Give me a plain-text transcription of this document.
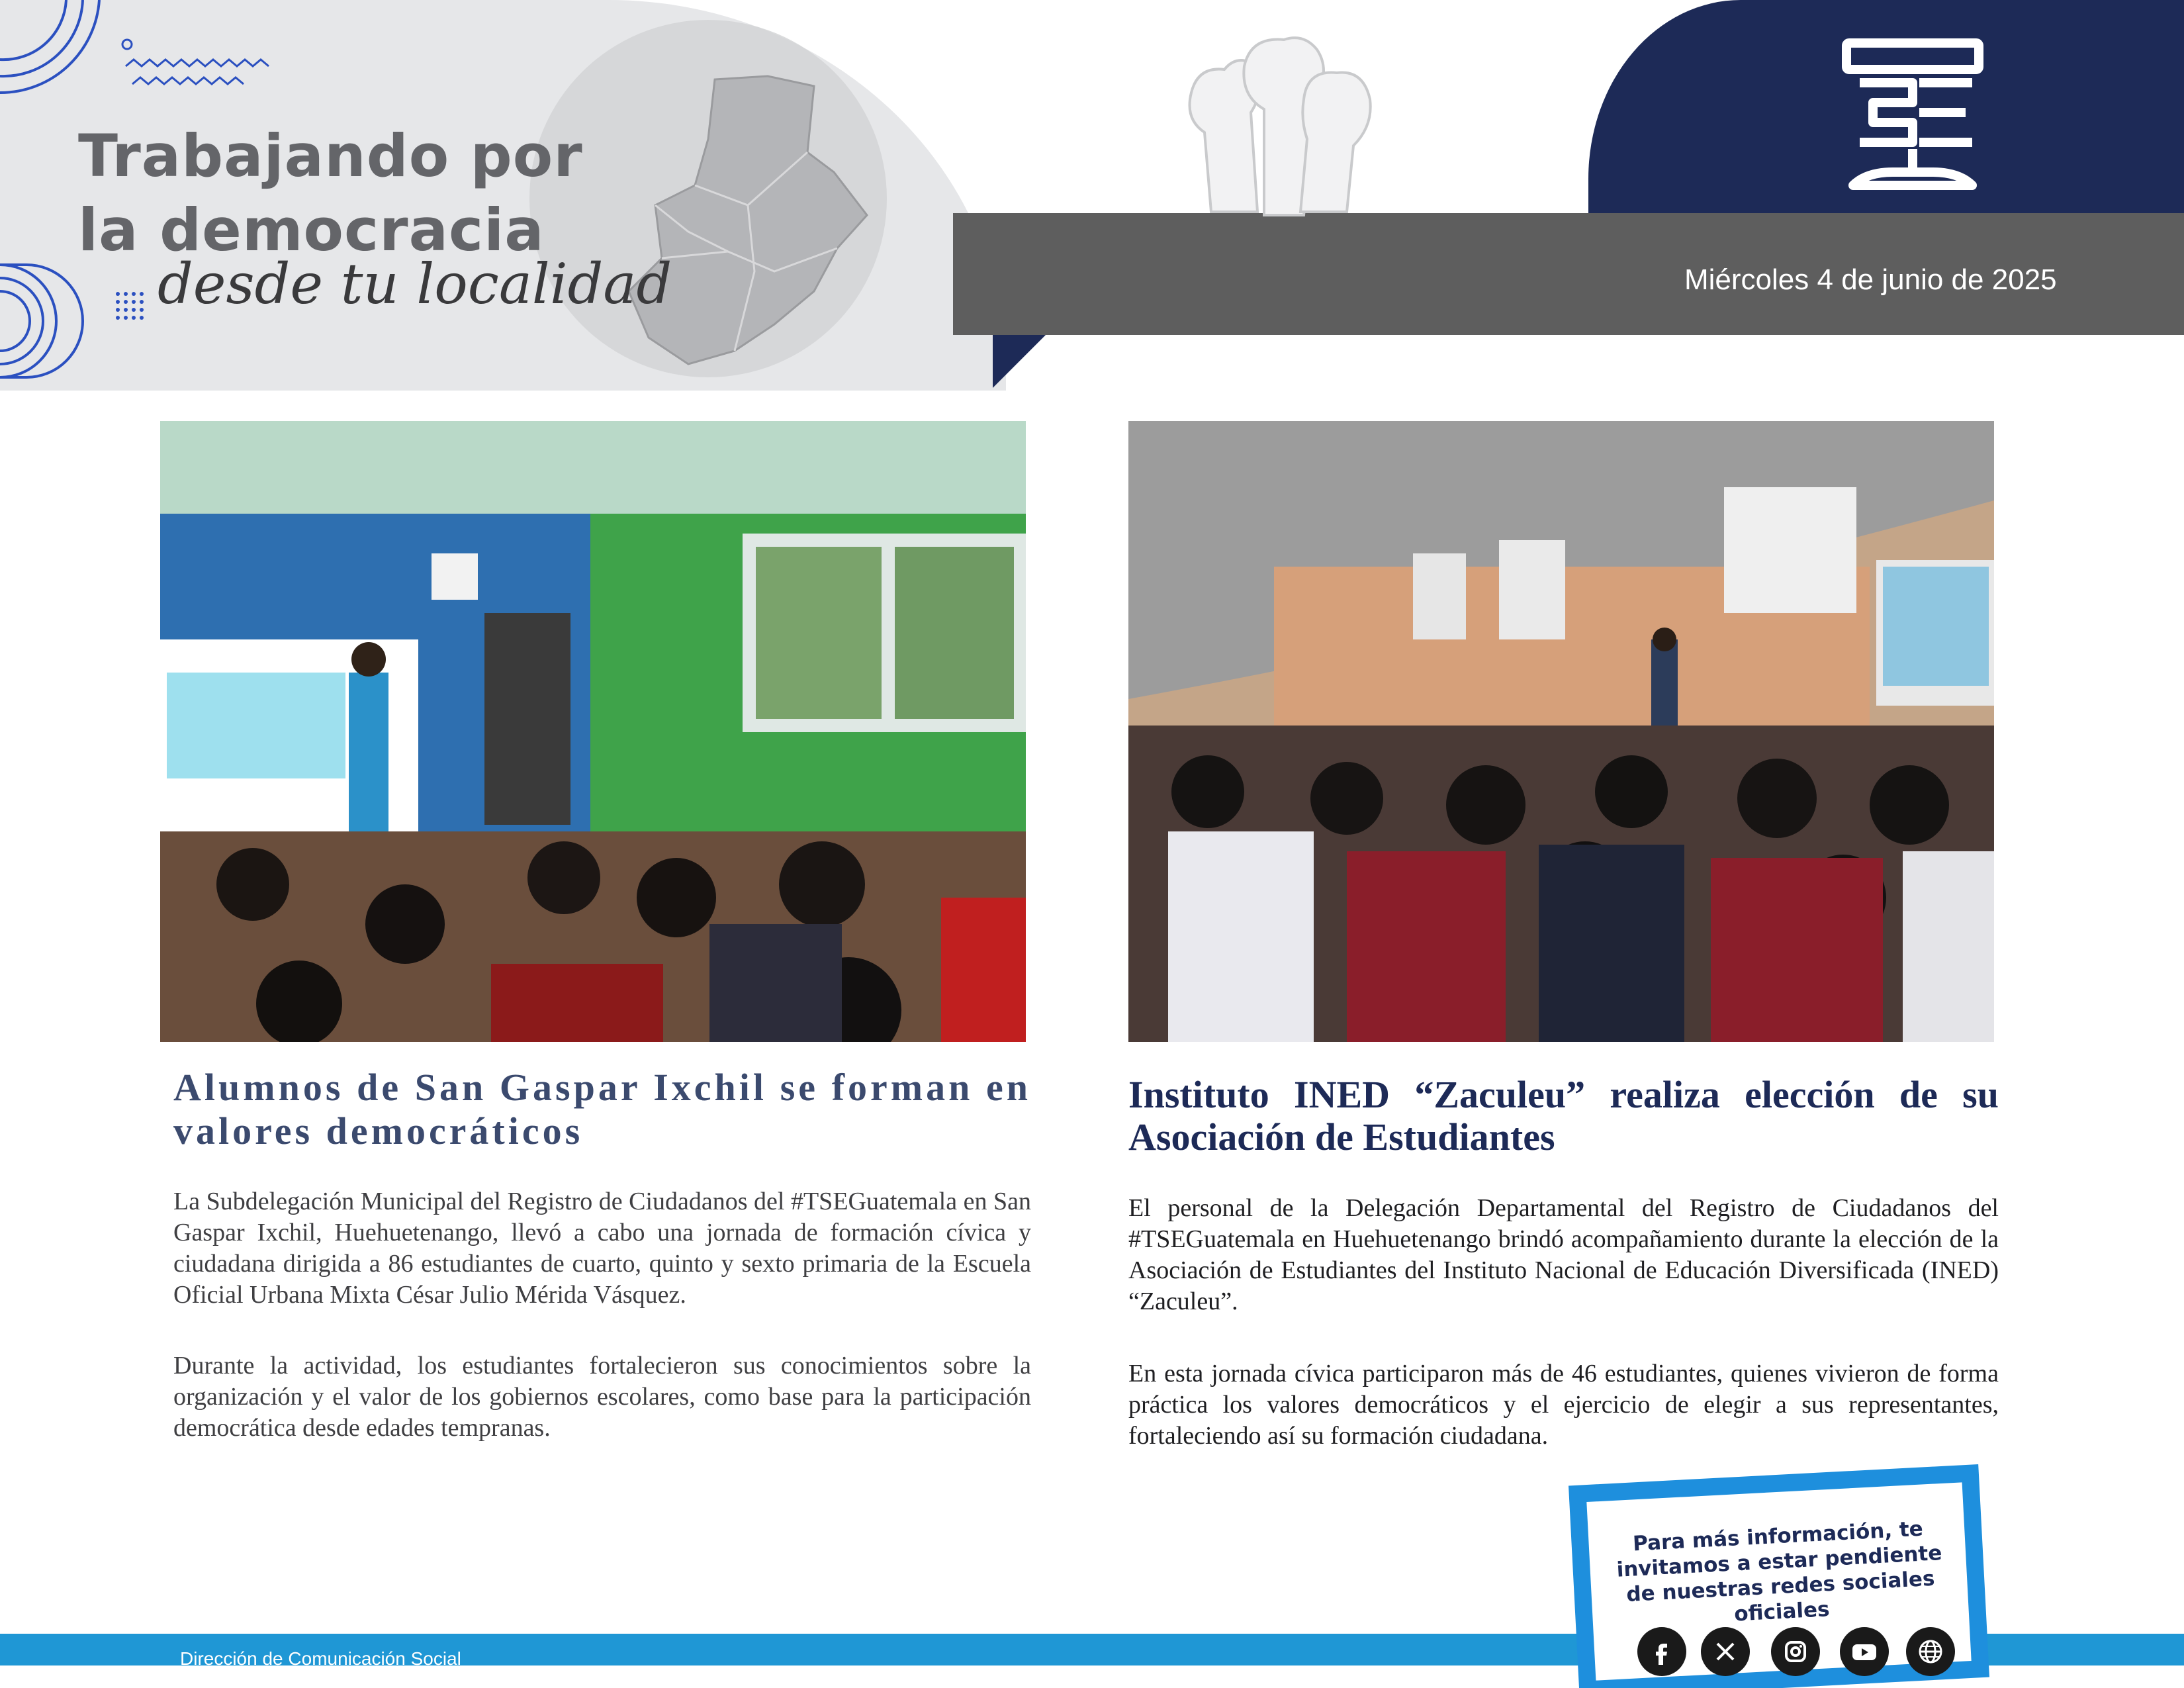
Trabajando por
la democracia
desde tu localidad	Miércoles 4 de junio de 2025
Alumnos de San Gaspar Ixchil se forman en valores democráticos

La Subdelegación Municipal del Registro de Ciudadanos del #TSEGuatemala en San Gaspar Ixchil, Huehuetenango, llevó a cabo una jornada de formación cívica y ciudadana dirigida a 86 estudiantes de cuarto, quinto y sexto primaria de la Escuela Oficial Urbana Mixta César Julio Mérida Vásquez.

Durante la actividad, los estudiantes fortalecieron sus conocimientos sobre la organización y el valor de los gobiernos escolares, como base para la participación democrática desde edades tempranas.

Instituto INED “Zaculeu” realiza elección de su Asociación de Estudiantes

El personal de la Delegación Departamental del Registro de Ciudadanos del #TSEGuatemala en Huehuetenango brindó acompañamiento durante la elección de la Asociación de Estudiantes del Instituto Nacional de Educación Diversificada (INED) “Zaculeu”.

En esta jornada cívica participaron más de 46 estudiantes, quienes vivieron de forma práctica los valores democráticos y el ejercicio de elegir a sus representantes, fortaleciendo así su formación ciudadana.

Dirección de Comunicación Social
Para más información, te invitamos a estar pendiente de nuestras redes sociales oficiales
